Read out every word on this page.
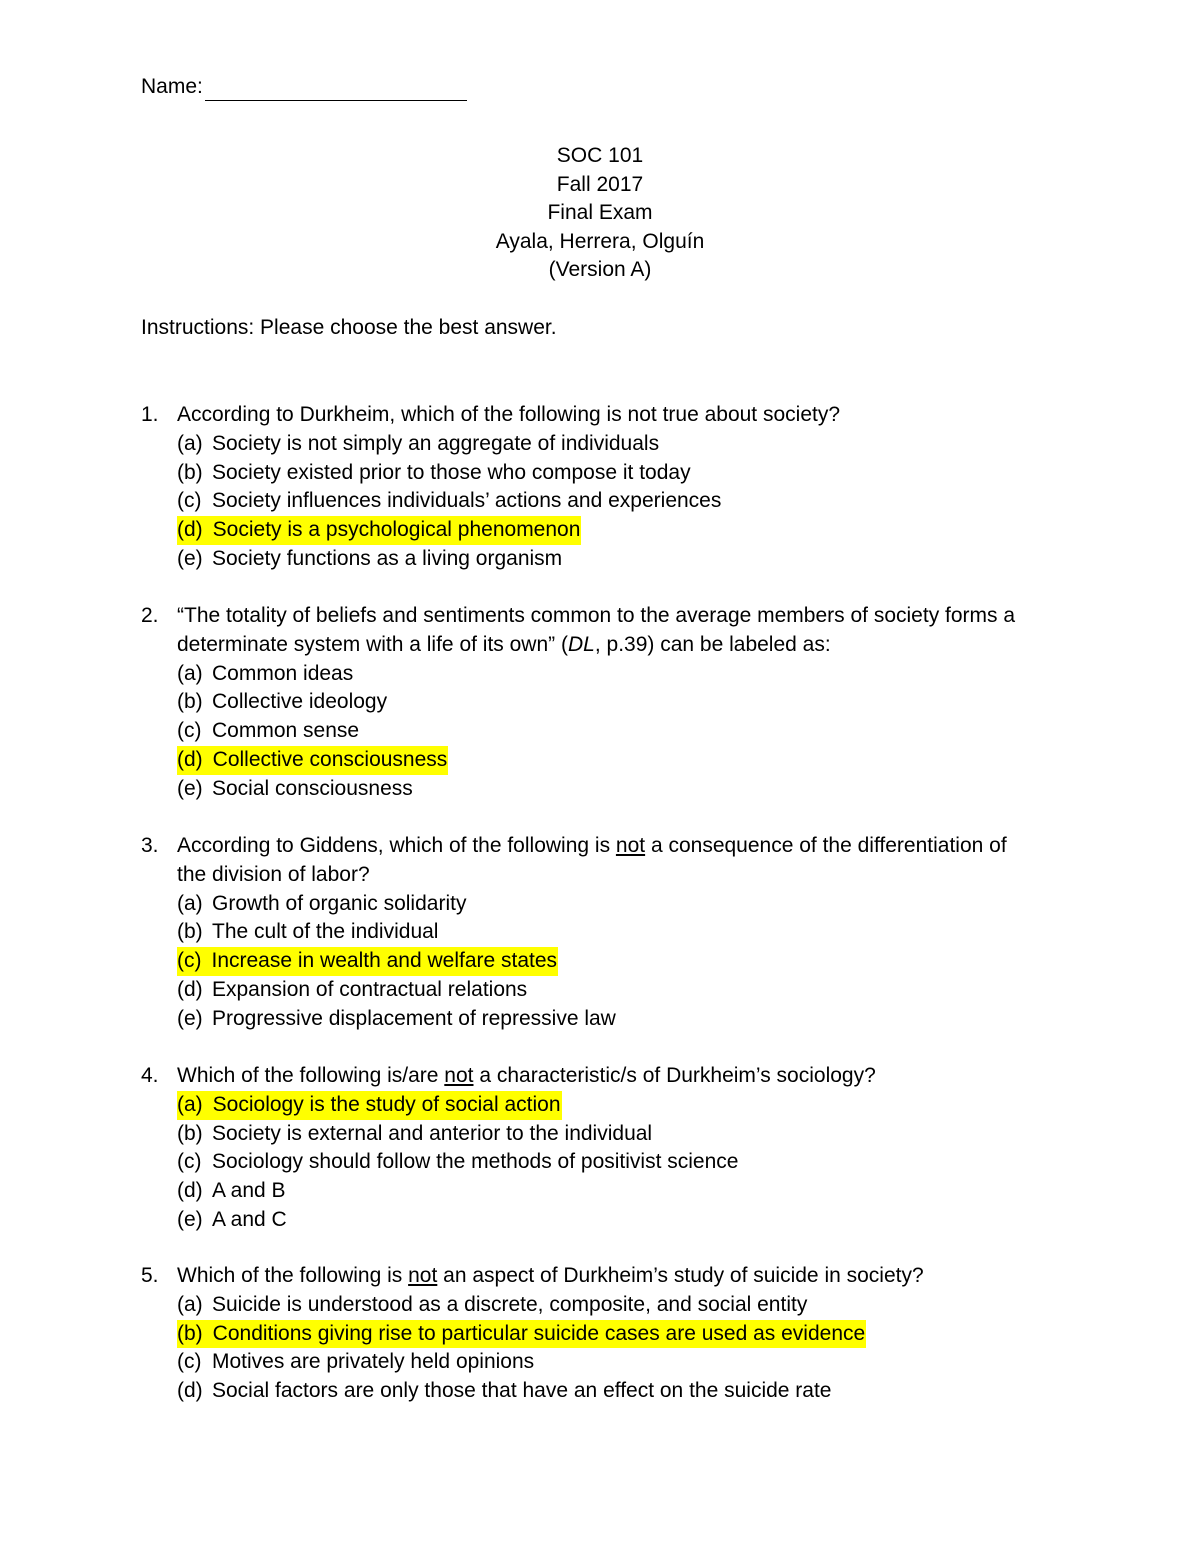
Name:
SOC 101
Fall 2017
Final Exam
Ayala, Herrera, Olguín
(Version A)
Instructions: Please choose the best answer.
1. According to Durkheim, which of the following is not true about society?
(a) Society is not simply an aggregate of individuals
(b) Society existed prior to those who compose it today
(c) Society influences individuals’ actions and experiences
(d) Society is a psychological phenomenon
(e) Society functions as a living organism
2. “The totality of beliefs and sentiments common to the average members of society forms a
determinate system with a life of its own” (DL, p.39) can be labeled as:
(a) Common ideas
(b) Collective ideology
(c) Common sense
(d) Collective consciousness
(e) Social consciousness
3. According to Giddens, which of the following is not a consequence of the differentiation of
the division of labor?
(a) Growth of organic solidarity
(b) The cult of the individual
(c) Increase in wealth and welfare states
(d) Expansion of contractual relations
(e) Progressive displacement of repressive law
4. Which of the following is/are not a characteristic/s of Durkheim’s sociology?
(a) Sociology is the study of social action
(b) Society is external and anterior to the individual
(c) Sociology should follow the methods of positivist science
(d) A and B
(e) A and C
5. Which of the following is not an aspect of Durkheim’s study of suicide in society?
(a) Suicide is understood as a discrete, composite, and social entity
(b) Conditions giving rise to particular suicide cases are used as evidence
(c) Motives are privately held opinions
(d) Social factors are only those that have an effect on the suicide rate
